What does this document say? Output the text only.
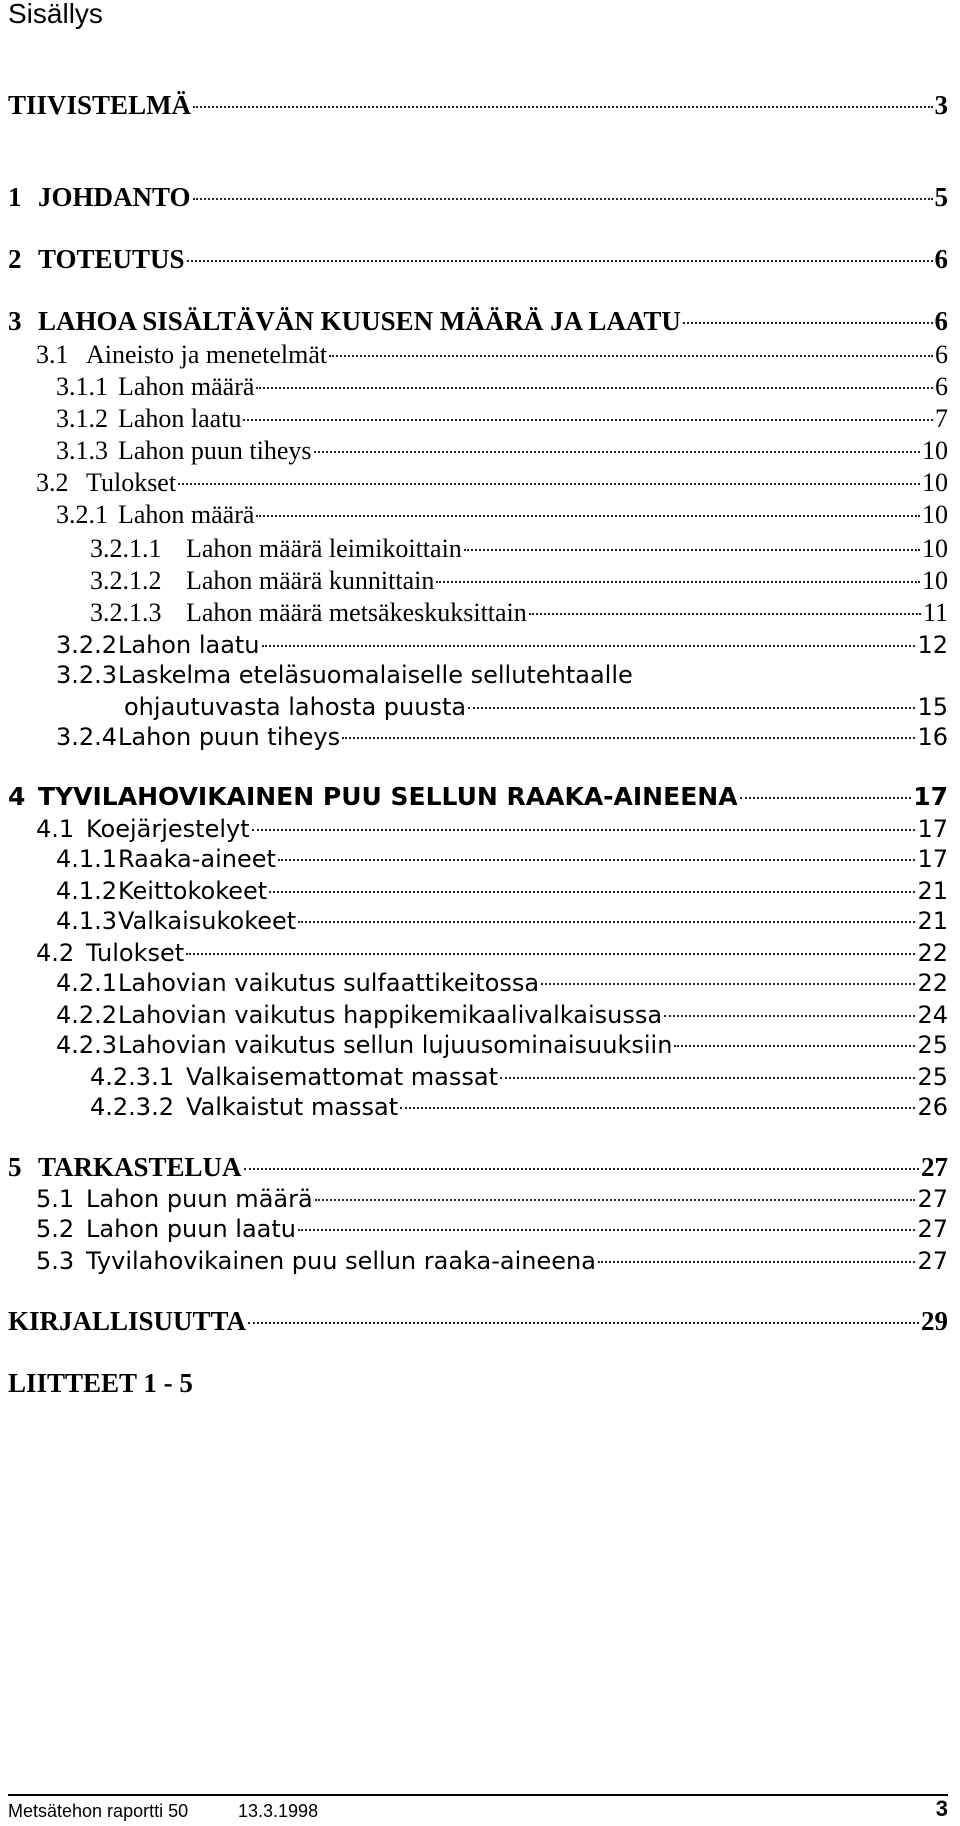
Sisällys
TIIVISTELMÄ	3
1 JOHDANTO	5
2 TOTEUTUS	6
3 LAHOA SISÄLTÄVÄN KUUSEN MÄÄRÄ JA LAATU	6
3.1 Aineisto ja menetelmät	6
3.1.1 Lahon määrä	6
3.1.2 Lahon laatu	7
3.1.3 Lahon puun tiheys	10
3.2 Tulokset	10
3.2.1 Lahon määrä	10
3.2.1.1 Lahon määrä leimikoittain	10
3.2.1.2 Lahon määrä kunnittain	10
3.2.1.3 Lahon määrä metsäkeskuksittain	11
3.2.2 Lahon laatu	12
3.2.3 Laskelma eteläsuomalaiselle sellutehtaalle
ohjautuvasta lahosta puusta	15
3.2.4 Lahon puun tiheys	16
4 TYVILAHOVIKAINEN PUU SELLUN RAAKA-AINEENA	17
4.1 Koejärjestelyt	17
4.1.1 Raaka-aineet	17
4.1.2 Keittokokeet	21
4.1.3 Valkaisukokeet	21
4.2 Tulokset	22
4.2.1 Lahovian vaikutus sulfaattikeitossa	22
4.2.2 Lahovian vaikutus happikemikaalivalkaisussa	24
4.2.3 Lahovian vaikutus sellun lujuusominaisuuksiin	25
4.2.3.1 Valkaisemattomat massat	25
4.2.3.2 Valkaistut massat	26
5 TARKASTELUA	27
5.1 Lahon puun määrä	27
5.2 Lahon puun laatu	27
5.3 Tyvilahovikainen puu sellun raaka-aineena	27
KIRJALLISUUTTA	29
LIITTEET 1 - 5
Metsätehon raportti 50	13.3.1998	3
